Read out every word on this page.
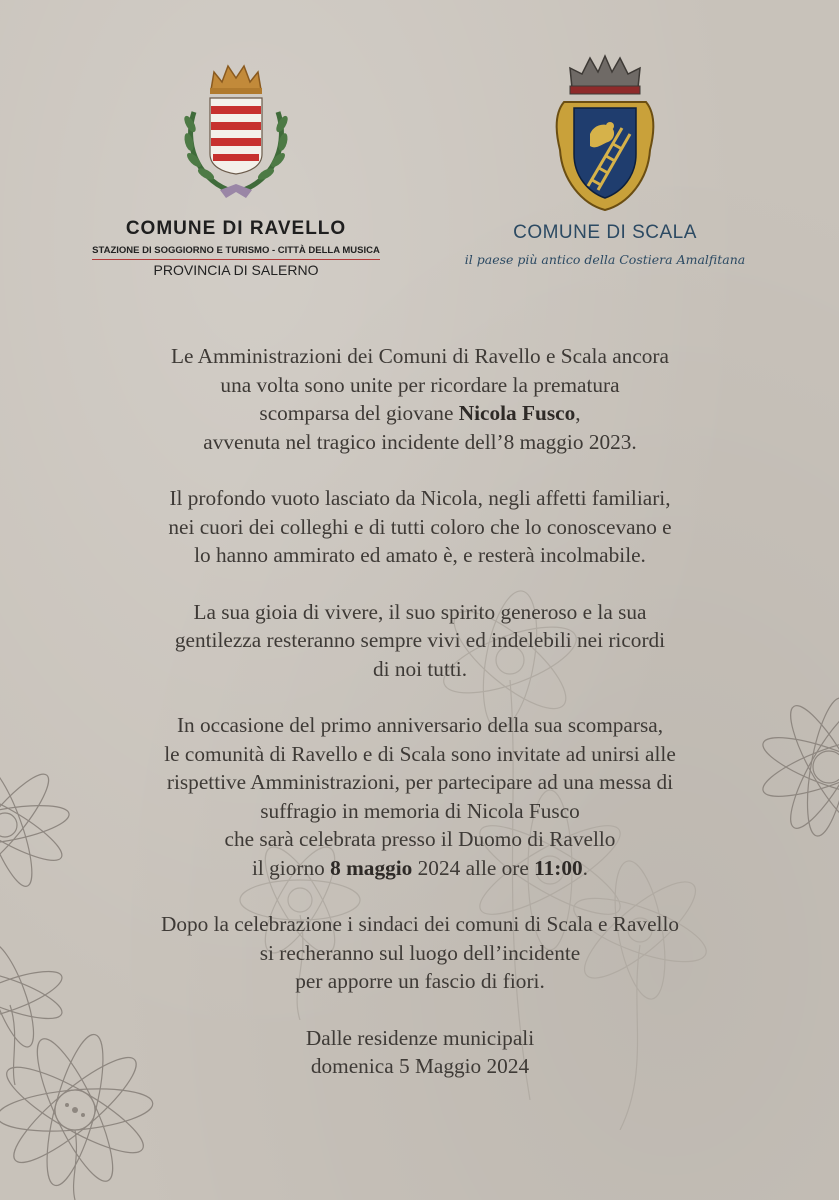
COMUNE DI RAVELLO
STAZIONE DI SOGGIORNO E TURISMO - CITTÀ DELLA MUSICA
PROVINCIA DI SALERNO
COMUNE DI SCALA
il paese più antico della Costiera Amalfitana

Le Amministrazioni dei Comuni di Ravello e Scala ancora
una volta sono unite per ricordare la prematura
scomparsa del giovane Nicola Fusco,
avvenuta nel tragico incidente dell’8 maggio 2023.

Il profondo vuoto lasciato da Nicola, negli affetti familiari,
nei cuori dei colleghi e di tutti coloro che lo conoscevano e
lo hanno ammirato ed amato è, e resterà incolmabile.

La sua gioia di vivere, il suo spirito generoso e la sua
gentilezza resteranno sempre vivi ed indelebili nei ricordi
di noi tutti.

In occasione del primo anniversario della sua scomparsa,
le comunità di Ravello e di Scala sono invitate ad unirsi alle
rispettive Amministrazioni, per partecipare ad una messa di
suffragio in memoria di Nicola Fusco
che sarà celebrata presso il Duomo di Ravello
il giorno 8 maggio 2024 alle ore 11:00.

Dopo la celebrazione i sindaci dei comuni di Scala e Ravello
si recheranno sul luogo dell’incidente
per apporre un fascio di fiori.

Dalle residenze municipali
domenica 5 Maggio 2024
